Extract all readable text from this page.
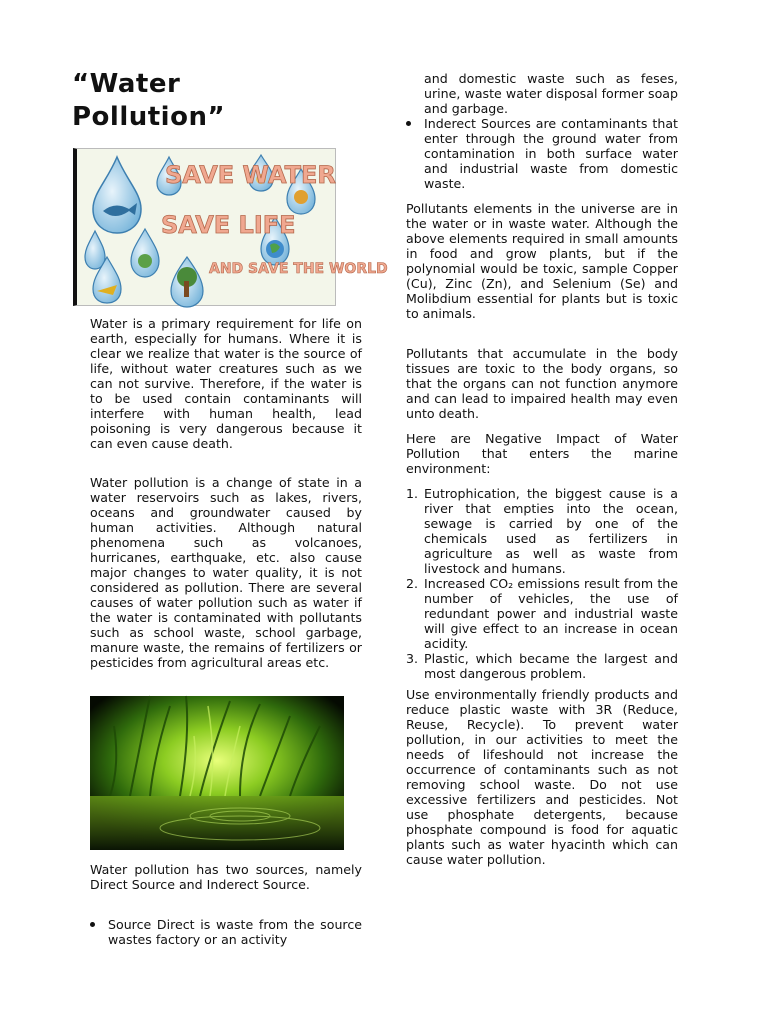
“Water Pollution”
SAVE WATER
SAVE LIFE
AND SAVE THE WORLD

Water is a primary requirement for life on earth, especially for humans. Where it is clear we realize that water is the source of life, without water creatures such as we can not survive. Therefore, if the water is to be used contain contaminants will interfere with human health, lead poisoning is very dangerous because it can even cause death.

Water pollution is a change of state in a water reservoirs such as lakes, rivers, oceans and groundwater caused by human activities. Although natural phenomena such as volcanoes, hurricanes, earthquake, etc. also cause major changes to water quality, it is not considered as pollution. There are several causes of water pollution such as water if the water is contaminated with pollutants such as school waste, school garbage, manure waste, the remains of fertilizers or pesticides from agricultural areas etc.

Water pollution has two sources, namely Direct Source and Inderect Source.

Source Direct is waste from the source wastes factory or an activity

and domestic waste such as feses, urine, waste water disposal former soap and garbage.

Inderect Sources are contaminants that enter through the ground water from contamination in both surface water and industrial waste from domestic waste.

Pollutants elements in the universe are in the water or in waste water. Although the above elements required in small amounts in food and grow plants, but if the polynomial would be toxic, sample Copper (Cu), Zinc (Zn), and Selenium (Se) and Molibdium essential for plants but is toxic to animals.

Pollutants that accumulate in the body tissues are toxic to the body organs, so that the organs can not function anymore and can lead to impaired health may even unto death.

Here are Negative Impact of Water Pollution that enters the marine environment:

1. Eutrophication, the biggest cause is a river that empties into the ocean, sewage is carried by one of the chemicals used as fertilizers in agriculture as well as waste from livestock and humans.
2. Increased CO₂ emissions result from the number of vehicles, the use of redundant power and industrial waste will give effect to an increase in ocean acidity.
3. Plastic, which became the largest and most dangerous problem.

Use environmentally friendly products and reduce plastic waste with 3R (Reduce, Reuse, Recycle). To prevent water pollution, in our activities to meet the needs of lifeshould not increase the occurrence of contaminants such as not removing school waste. Do not use excessive fertilizers and pesticides. Not use phosphate detergents, because phosphate compound is food for aquatic plants such as water hyacinth which can cause water pollution.
